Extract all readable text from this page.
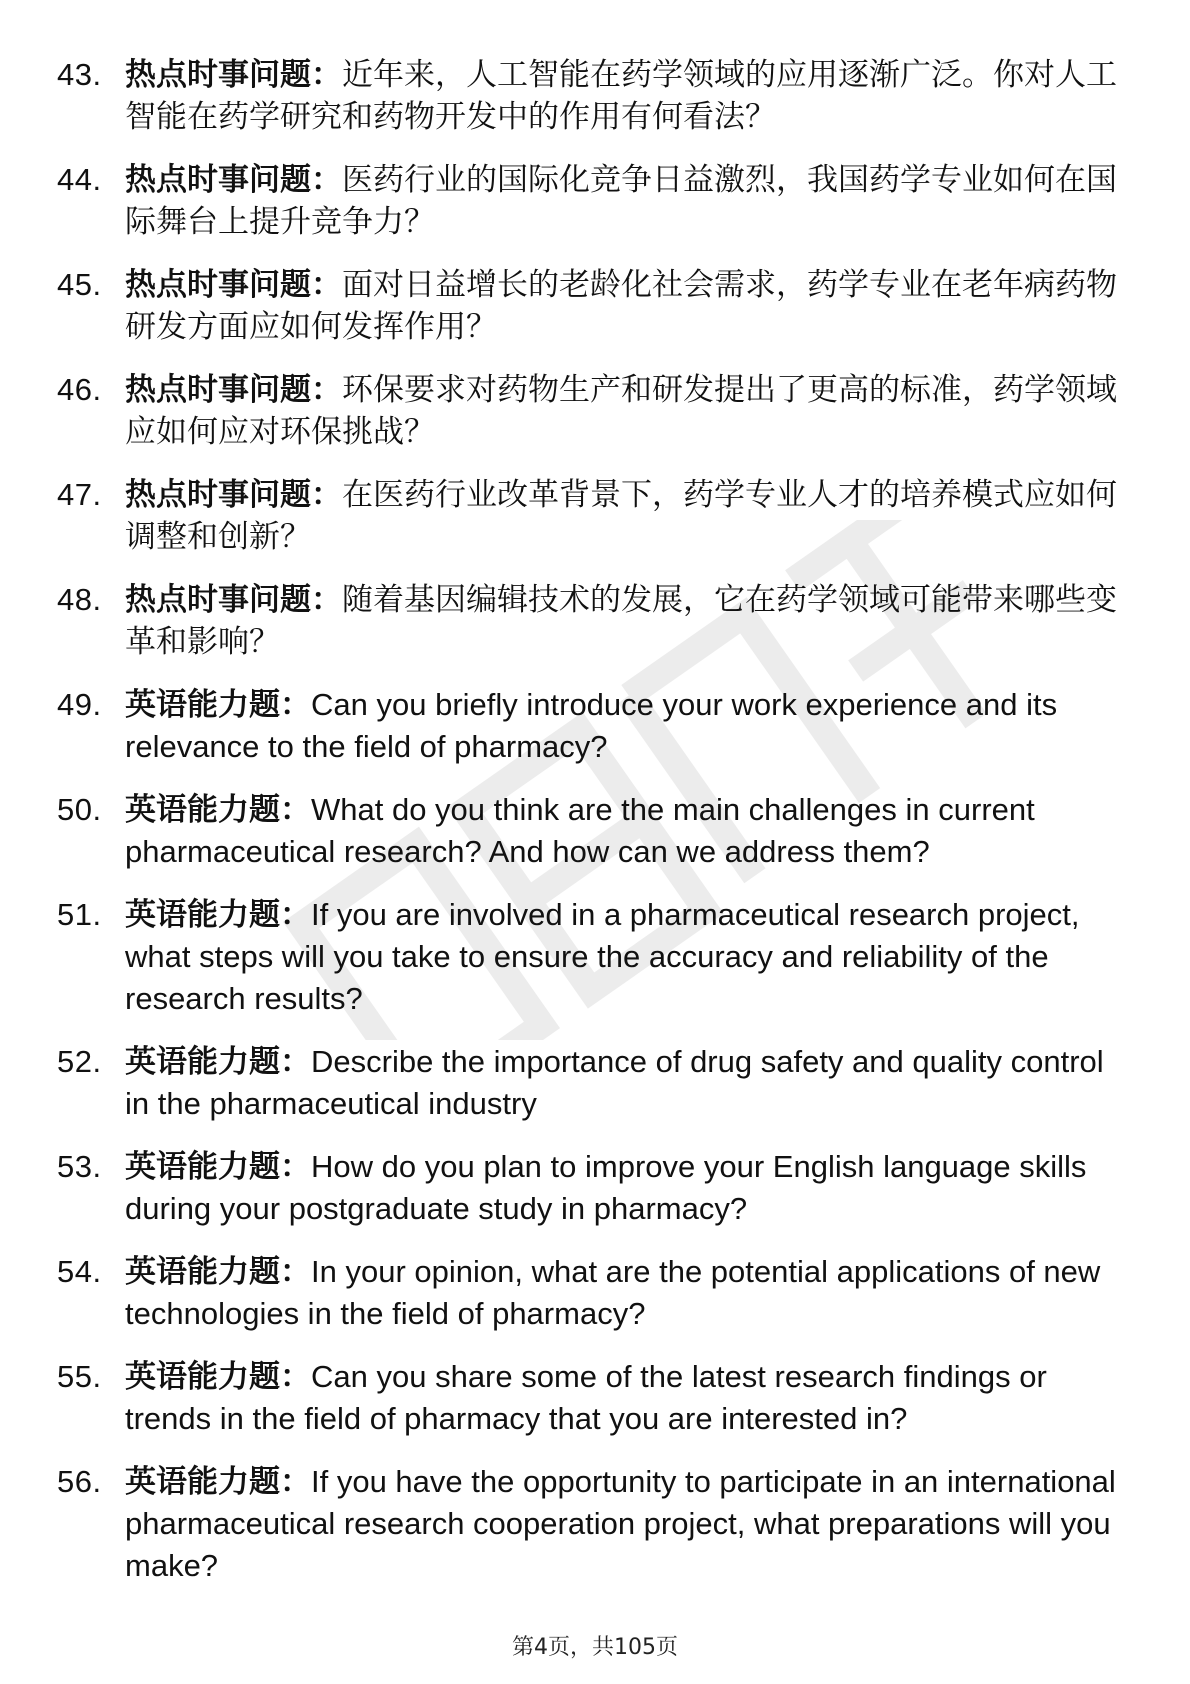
43. 热点时事问题：近年来，人工智能在药学领域的应用逐渐广泛。你对人工智能在药学研究和药物开发中的作用有何看法？
44. 热点时事问题：医药行业的国际化竞争日益激烈，我国药学专业如何在国际舞台上提升竞争力？
45. 热点时事问题：面对日益增长的老龄化社会需求，药学专业在老年病药物研发方面应如何发挥作用？
46. 热点时事问题：环保要求对药物生产和研发提出了更高的标准，药学领域应如何应对环保挑战？
47. 热点时事问题：在医药行业改革背景下，药学专业人才的培养模式应如何调整和创新？
48. 热点时事问题：随着基因编辑技术的发展，它在药学领域可能带来哪些变革和影响？
49. 英语能力题：Can you briefly introduce your work experience and its relevance to the field of pharmacy?
50. 英语能力题：What do you think are the main challenges in current pharmaceutical research? And how can we address them?
51. 英语能力题：If you are involved in a pharmaceutical research project, what steps will you take to ensure the accuracy and reliability of the research results?
52. 英语能力题：Describe the importance of drug safety and quality control in the pharmaceutical industry
53. 英语能力题：How do you plan to improve your English language skills during your postgraduate study in pharmacy?
54. 英语能力题：In your opinion, what are the potential applications of new technologies in the field of pharmacy?
55. 英语能力题：Can you share some of the latest research findings or trends in the field of pharmacy that you are interested in?
56. 英语能力题：If you have the opportunity to participate in an international pharmaceutical research cooperation project, what preparations will you make?
第4页，共105页
